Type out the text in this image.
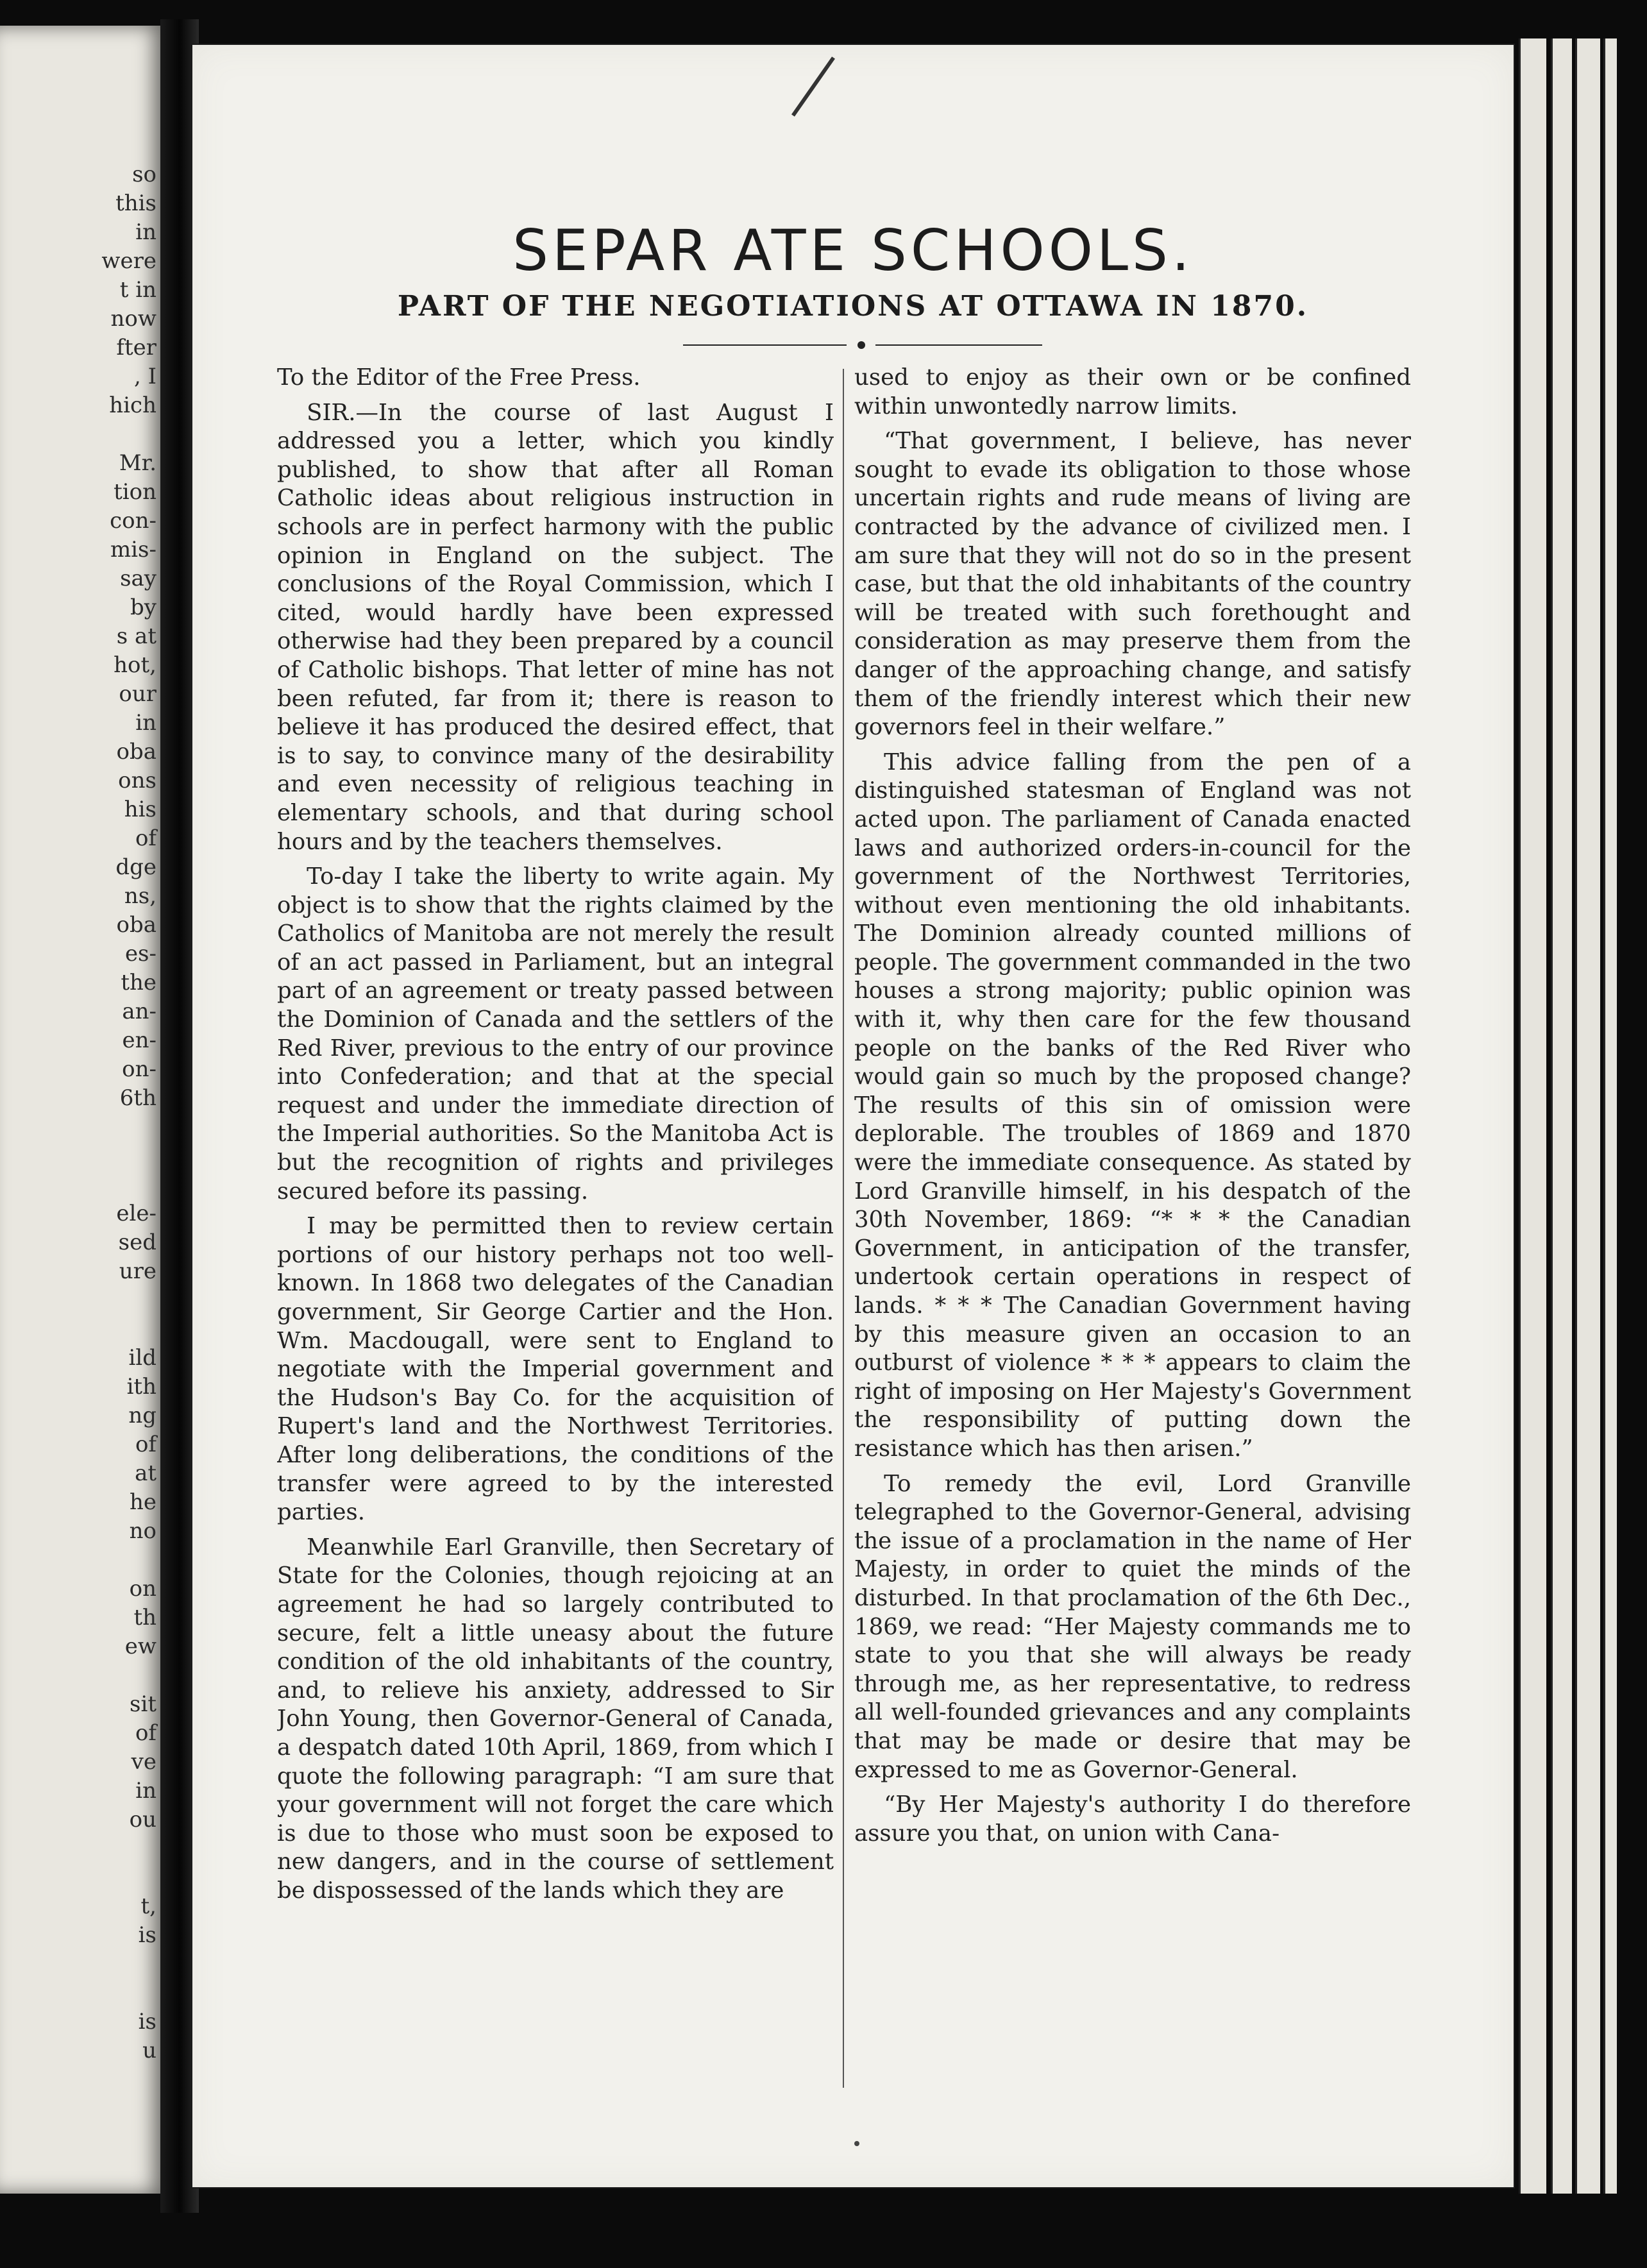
so
this
in
were
t in
now
fter
, I
hich
Mr.
tion
con-
mis-
say
by
s at
hot,
our
in
oba
ons
his
of
dge
ns,
oba
es-
the
an-
en-
on-
6th
ele-
sed
ure
ild
ith
ng
of
at
he
no
on
th
ew
sit
of
ve
in
ou
t,
is
is
u
SEPAR ATE SCHOOLS.
PART OF THE NEGOTIATIONS AT OTTAWA IN 1870.

To the Editor of the Free Press.

SIR.—In the course of last August I addressed you a letter, which you kindly published, to show that after all Roman Catholic ideas about religious instruction in schools are in perfect harmony with the public opinion in England on the subject. The conclusions of the Royal Commission, which I cited, would hardly have been expressed otherwise had they been prepared by a council of Catholic bishops. That letter of mine has not been refuted, far from it; there is reason to believe it has produced the desired effect, that is to say, to convince many of the desirability and even necessity of religious teaching in elementary schools, and that during school hours and by the teachers themselves.

To-day I take the liberty to write again. My object is to show that the rights claimed by the Catholics of Manitoba are not merely the result of an act passed in Parliament, but an integral part of an agreement or treaty passed between the Dominion of Canada and the settlers of the Red River, previous to the entry of our province into Confederation; and that at the special request and under the immediate direction of the Imperial authorities. So the Manitoba Act is but the recognition of rights and privileges secured before its passing.

I may be permitted then to review certain portions of our history perhaps not too well-known. In 1868 two delegates of the Canadian government, Sir George Cartier and the Hon. Wm. Macdougall, were sent to England to negotiate with the Imperial government and the Hudson's Bay Co. for the acquisition of Rupert's land and the Northwest Territories. After long deliberations, the conditions of the transfer were agreed to by the interested parties.

Meanwhile Earl Granville, then Secretary of State for the Colonies, though rejoicing at an agreement he had so largely contributed to secure, felt a little uneasy about the future condition of the old inhabitants of the country, and, to relieve his anxiety, addressed to Sir John Young, then Governor-General of Canada, a despatch dated 10th April, 1869, from which I quote the following paragraph: “I am sure that your government will not forget the care which is due to those who must soon be exposed to new dangers, and in the course of settlement be dispossessed of the lands which they are

used to enjoy as their own or be confined within unwontedly narrow limits.

“That government, I believe, has never sought to evade its obligation to those whose uncertain rights and rude means of living are contracted by the advance of civilized men. I am sure that they will not do so in the present case, but that the old inhabitants of the country will be treated with such forethought and consideration as may preserve them from the danger of the approaching change, and satisfy them of the friendly interest which their new governors feel in their welfare.”

This advice falling from the pen of a distinguished statesman of England was not acted upon. The parliament of Canada enacted laws and authorized orders-in-council for the government of the Northwest Territories, without even mentioning the old inhabitants. The Dominion already counted millions of people. The government commanded in the two houses a strong majority; public opinion was with it, why then care for the few thousand people on the banks of the Red River who would gain so much by the proposed change? The results of this sin of omission were deplorable. The troubles of 1869 and 1870 were the immediate consequence. As stated by Lord Granville himself, in his despatch of the 30th November, 1869: “* * * the Canadian Government, in anticipation of the transfer, undertook certain operations in respect of lands. * * * The Canadian Government having by this measure given an occasion to an outburst of violence * * * appears to claim the right of imposing on Her Majesty's Government the responsibility of putting down the resistance which has then arisen.”

To remedy the evil, Lord Granville telegraphed to the Governor-General, advising the issue of a proclamation in the name of Her Majesty, in order to quiet the minds of the disturbed. In that proclamation of the 6th Dec., 1869, we read: “Her Majesty commands me to state to you that she will always be ready through me, as her representative, to redress all well-founded grievances and any complaints that may be made or desire that may be expressed to me as Governor-General.

“By Her Majesty's authority I do therefore assure you that, on union with Cana-
